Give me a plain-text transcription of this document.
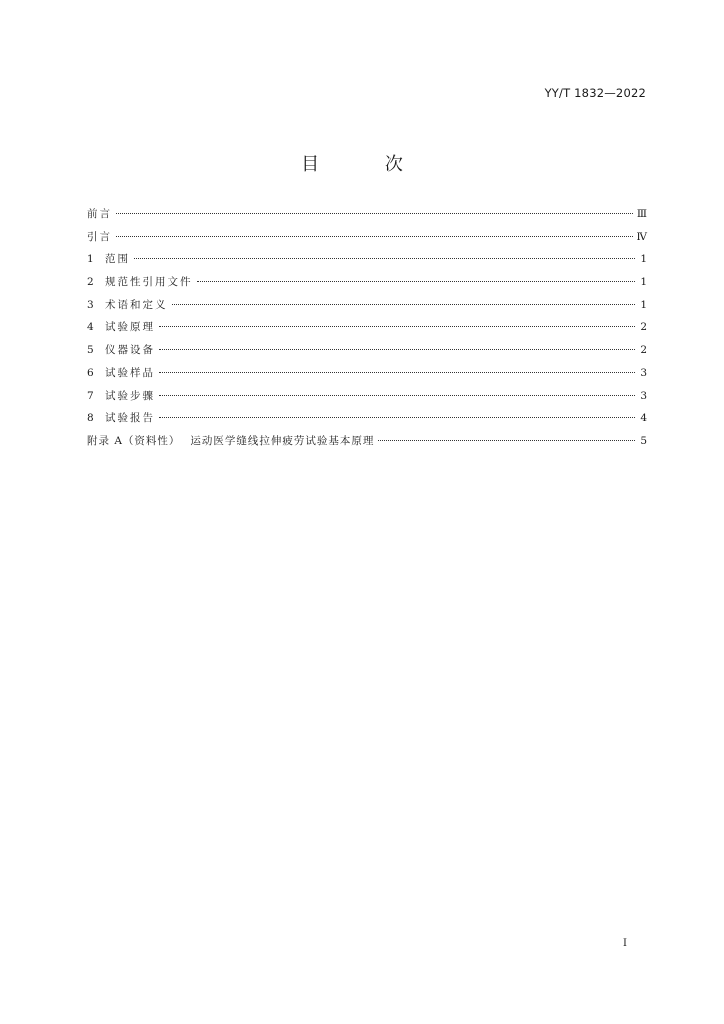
YY/T 1832—2022
目 次
前言	Ⅲ
引言	Ⅳ
1 范围	1
2 规范性引用文件	1
3 术语和定义	1
4 试验原理	2
5 仪器设备	2
6 试验样品	3
7 试验步骤	3
8 试验报告	4
附录 A（资料性） 运动医学缝线拉伸疲劳试验基本原理	5
I
